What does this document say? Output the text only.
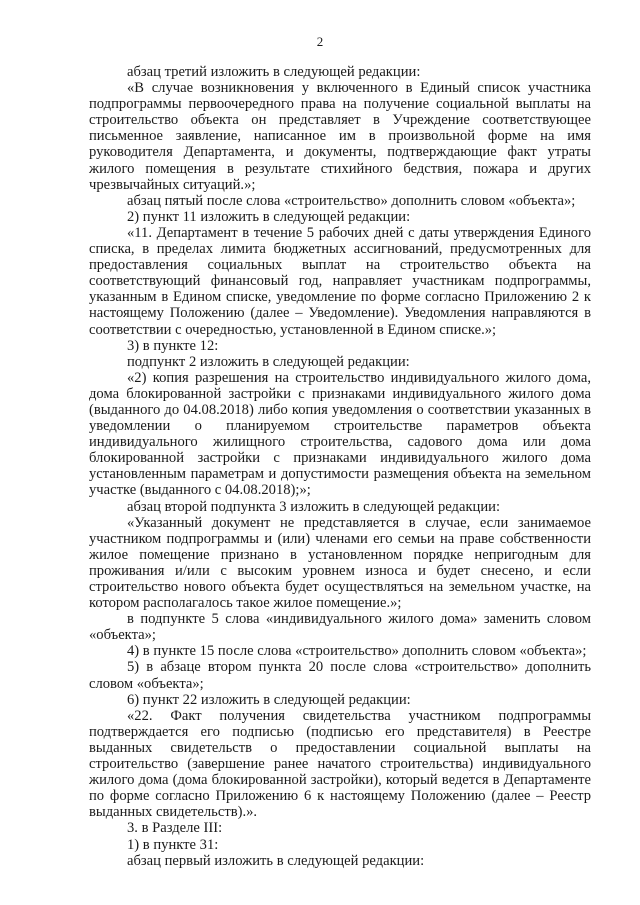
2

абзац третий изложить в следующей редакции:

«В случае возникновения у включенного в Единый список участника подпрограммы первоочередного права на получение социальной выплаты на строительство объекта он представляет в Учреждение соответствующее письменное заявление, написанное им в произвольной форме на имя руководителя Департамента, и документы, подтверждающие факт утраты жилого помещения в результате стихийного бедствия, пожара и других чрезвычайных ситуаций.»;

абзац пятый после слова «строительство» дополнить словом «объекта»;

2) пункт 11 изложить в следующей редакции:

«11. Департамент в течение 5 рабочих дней с даты утверждения Единого списка, в пределах лимита бюджетных ассигнований, предусмотренных для предоставления социальных выплат на строительство объекта на соответствующий финансовый год, направляет участникам подпрограммы, указанным в Едином списке, уведомление по форме согласно Приложению 2 к настоящему Положению (далее – Уведомление). Уведомления направляются в соответствии с очередностью, установленной в Едином списке.»;

3) в пункте 12:

подпункт 2 изложить в следующей редакции:

«2) копия разрешения на строительство индивидуального жилого дома, дома блокированной застройки с признаками индивидуального жилого дома (выданного до 04.08.2018) либо копия уведомления о соответствии указанных в уведомлении о планируемом строительстве параметров объекта индивидуального жилищного строительства, садового дома или дома блокированной застройки с признаками индивидуального жилого дома установленным параметрам и допустимости размещения объекта на земельном участке (выданного с 04.08.2018);»;

абзац второй подпункта 3 изложить в следующей редакции:

«Указанный документ не представляется в случае, если занимаемое участником подпрограммы и (или) членами его семьи на праве собственности жилое помещение признано в установленном порядке непригодным для проживания и/или с высоким уровнем износа и будет снесено, и если строительство нового объекта будет осуществляться на земельном участке, на котором располагалось такое жилое помещение.»;

в подпункте 5 слова «индивидуального жилого дома» заменить словом «объекта»;

4) в пункте 15 после слова «строительство» дополнить словом «объекта»;

5) в абзаце втором пункта 20 после слова «строительство» дополнить словом «объекта»;

6) пункт 22 изложить в следующей редакции:

«22. Факт получения свидетельства участником подпрограммы подтверждается его подписью (подписью его представителя) в Реестре выданных свидетельств о предоставлении социальной выплаты на строительство (завершение ранее начатого строительства) индивидуального жилого дома (дома блокированной застройки), который ведется в Департаменте по форме согласно Приложению 6 к настоящему Положению (далее – Реестр выданных свидетельств).».

3. в Разделе III:

1) в пункте 31:

абзац первый изложить в следующей редакции:
